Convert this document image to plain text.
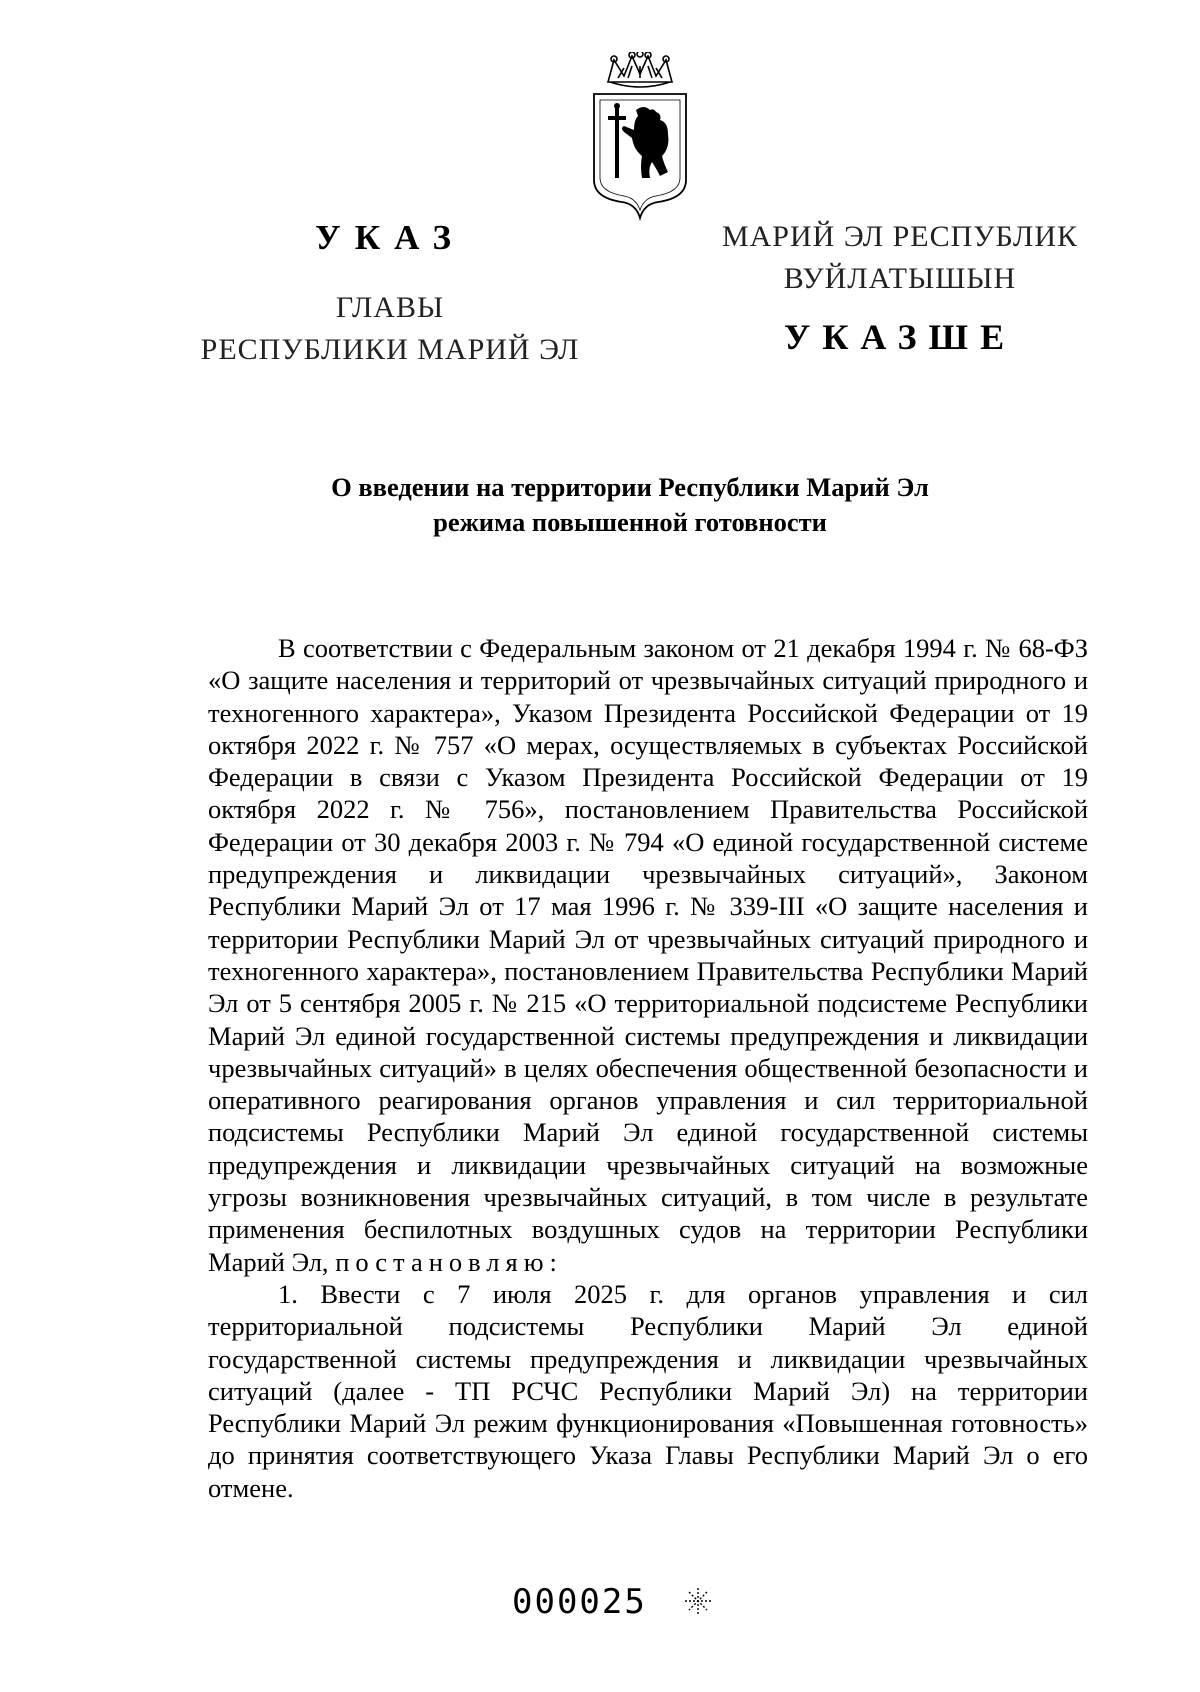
УКАЗ
ГЛАВЫ
РЕСПУБЛИКИ МАРИЙ ЭЛ
МАРИЙ ЭЛ РЕСПУБЛИК
ВУЙЛАТЫШЫН
УКАЗШЕ
О введении на территории Республики Марий Эл
режима повышенной готовности

В соответствии с Федеральным законом от 21 декабря 1994 г. № 68-ФЗ «О защите населения и территорий от чрезвычайных ситуаций природного и техногенного характера», Указом Президента Российской Федерации от 19 октября 2022 г. № 757 «О мерах, осуществляемых в субъектах Российской Федерации в связи с Указом Президента Российской Федерации от 19 октября 2022 г. № 756», постановлением Правительства Российской Федерации от 30 декабря 2003 г. № 794 «О единой государственной системе предупреждения и ликвидации чрезвычайных ситуаций», Законом Республики Марий Эл от 17 мая 1996 г. № 339-III «О защите населения и территории Республики Марий Эл от чрезвычайных ситуаций природного и техногенного характера», постановлением Правительства Республики Марий Эл от 5 сентября 2005 г. № 215 «О территориальной подсистеме Республики Марий Эл единой государственной системы предупреждения и ликвидации чрезвычайных ситуаций» в целях обеспечения общественной безопасности и оперативного реагирования органов управления и сил территориальной подсистемы Республики Марий Эл единой государственной системы предупреждения и ликвидации чрезвычайных ситуаций на возможные угрозы возникновения чрезвычайных ситуаций, в том числе в результате применения беспилотных воздушных судов на территории Республики Марий Эл, постановляю:

1. Ввести с 7 июля 2025 г. для органов управления и сил территориальной подсистемы Республики Марий Эл единой государственной системы предупреждения и ликвидации чрезвычайных ситуаций (далее - ТП РСЧС Республики Марий Эл) на территории Республики Марий Эл режим функционирования «Повышенная готовность» до принятия соответствующего Указа Главы Республики Марий Эл о его отмене.

000025
